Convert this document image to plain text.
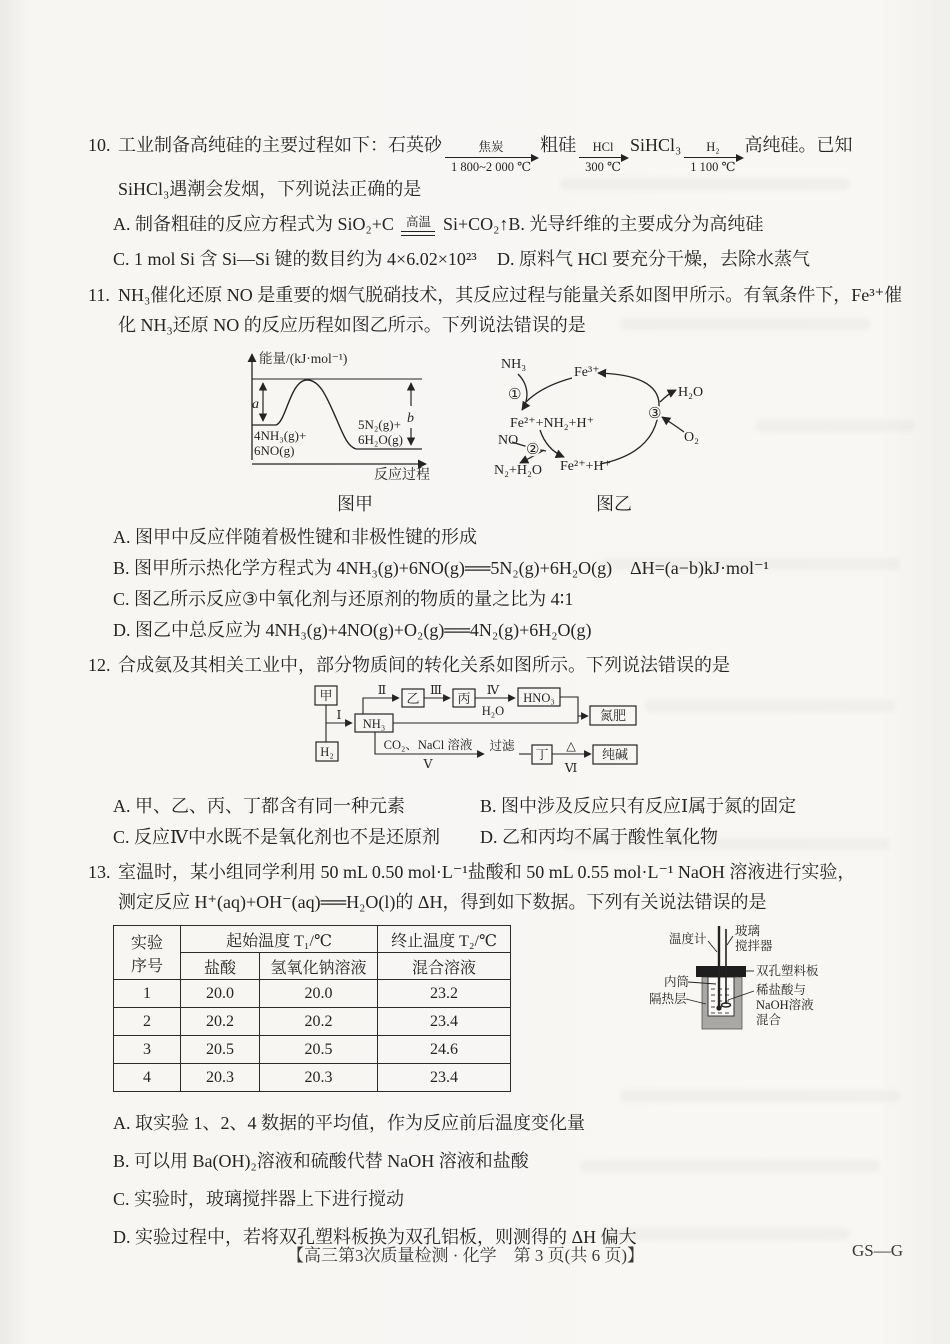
10. 工业制备高纯硅的主要过程如下：石英砂	焦炭
1 800~2 000 ℃
粗硅	HCl
300 ℃
SiHCl₃	H₂
1 100 ℃
高纯硅。已知
SiHCl₃遇潮会发烟，下列说法正确的是
A. 制备粗硅的反应方程式为 SiO₂+C 高温 Si+CO₂↑ B. 光导纤维的主要成分为高纯硅
C. 1 mol Si 含 Si—Si 键的数目约为 4×6.02×10²³	D. 原料气 HCl 要充分干燥，去除水蒸气
11. NH₃催化还原 NO 是重要的烟气脱硝技术，其反应过程与能量关系如图甲所示。有氧条件下，Fe³⁺催
化 NH₃还原 NO 的反应历程如图乙所示。下列说法错误的是
能量/(kJ·mol⁻¹)
a
b
4NH₃(g)+
6NO(g)
5N₂(g)+
6H₂O(g)
反应过程
图甲
NH₃
Fe³⁺
①
Fe²⁺+NH₂+H⁺
NO
②
N₂+H₂O Fe²⁺+H⁺
③
H₂O
O₂
图乙
A. 图甲中反应伴随着极性键和非极性键的形成
B. 图甲所示热化学方程式为 4NH₃(g)+6NO(g)══5N₂(g)+6H₂O(g)　ΔH=(a−b)kJ·mol⁻¹
C. 图乙所示反应③中氧化剂与还原剂的物质的量之比为 4∶1
D. 图乙中总反应为 4NH₃(g)+4NO(g)+O₂(g)══4N₂(g)+6H₂O(g)
12. 合成氨及其相关工业中，部分物质间的转化关系如图所示。下列说法错误的是
甲
H₂
Ⅰ
NH₃
Ⅱ
乙
Ⅲ
丙
Ⅳ
H₂O
HNO₃
氮肥
CO₂、NaCl 溶液
Ⅴ
过滤
丁
△
Ⅵ
纯碱
A. 甲、乙、丙、丁都含有同一种元素	B. 图中涉及反应只有反应Ⅰ属于氮的固定
C. 反应Ⅳ中水既不是氧化剂也不是还原剂	D. 乙和丙均不属于酸性氧化物
13. 室温时，某小组同学利用 50 mL 0.50 mol·L⁻¹盐酸和 50 mL 0.55 mol·L⁻¹ NaOH 溶液进行实验，
测定反应 H⁺(aq)+OH⁻(aq)══H₂O(l)的 ΔH，得到如下数据。下列有关说法错误的是
实验
序号	起始温度 T₁/℃		终止温度 T₂/℃
	盐酸	氢氧化钠溶液	混合溶液
1	20.0	20.0	23.2
2	20.2	20.2	23.4
3	20.5	20.5	24.6
4	20.3	20.3	23.4
温度计
玻璃
搅拌器
双孔塑料板
内筒
隔热层
稀盐酸与
NaOH溶液
混合
A. 取实验 1、2、4 数据的平均值，作为反应前后温度变化量
B. 可以用 Ba(OH)₂溶液和硫酸代替 NaOH 溶液和盐酸
C. 实验时，玻璃搅拌器上下进行搅动
D. 实验过程中，若将双孔塑料板换为双孔铝板，则测得的 ΔH 偏大
【高三第3次质量检测 · 化学　第 3 页(共 6 页)】	GS—G
